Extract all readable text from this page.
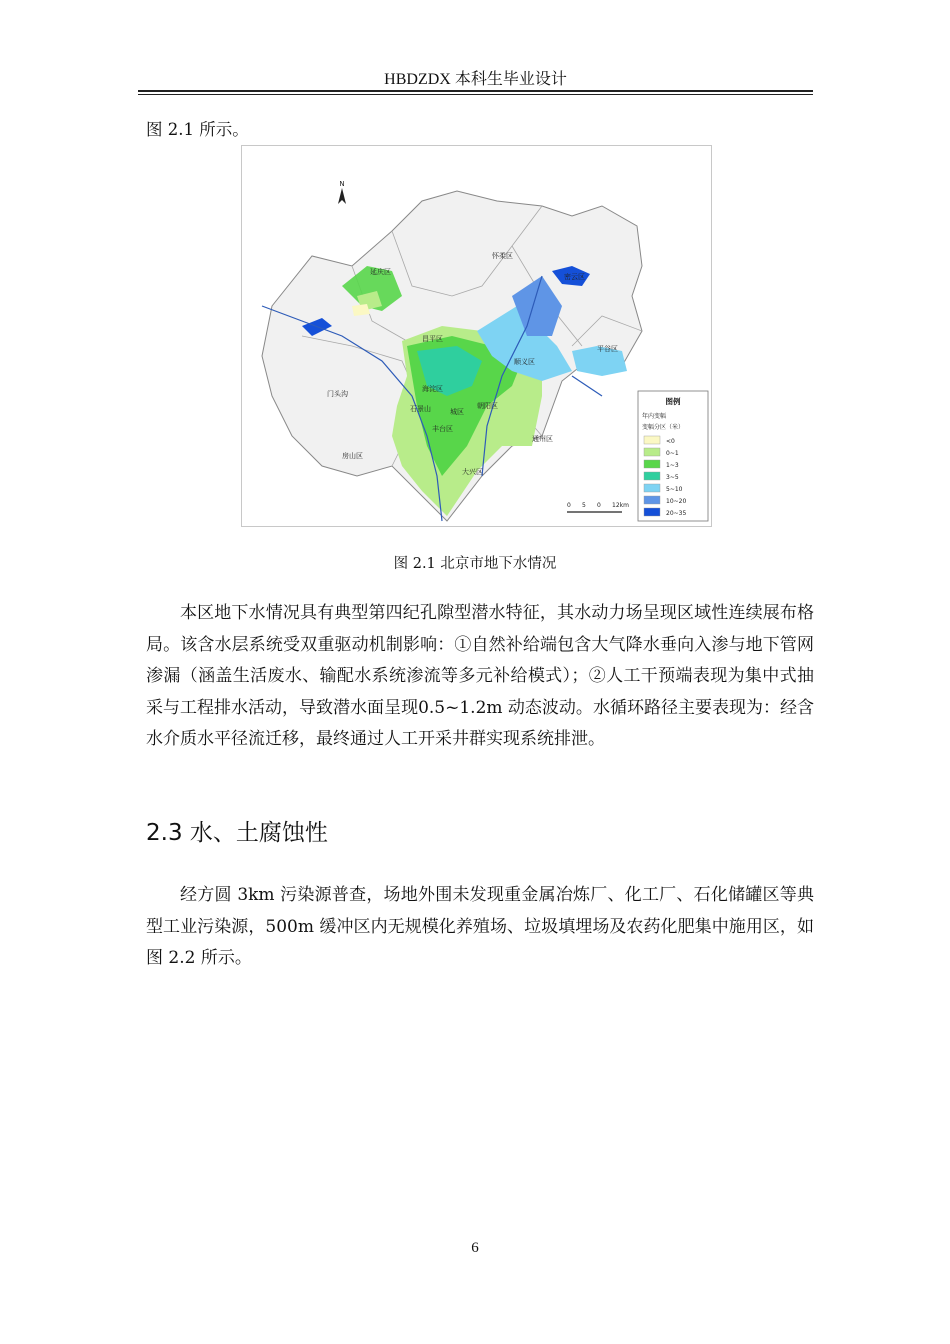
HBDZDX 本科生毕业设计
图 2.1 所示。
N
延庆区
怀柔区
密云区
昌平区
平谷区
顺义区
海淀区
门头沟
石景山	城区
朝阳区
丰台区
通州区
房山区
大兴区
图例
年内变幅
变幅分区（米）
<0
0~1
1~3
3~5
5~10
10~20
20~35
0 5 0 12km
图 2.1 北京市地下水情况

本区地下水情况具有典型第四纪孔隙型潜水特征，其水动力场呈现区域性连续展布格局。该含水层系统受双重驱动机制影响：①自然补给端包含大气降水垂向入渗与地下管网渗漏（涵盖生活废水、输配水系统渗流等多元补给模式）；②人工干预端表现为集中式抽采与工程排水活动，导致潜水面呈现0.5~1.2m 动态波动。水循环路径主要表现为：经含水介质水平径流迁移，最终通过人工开采井群实现系统排泄。

2.3 水、土腐蚀性

经方圆 3km 污染源普查，场地外围未发现重金属冶炼厂、化工厂、石化储罐区等典型工业污染源，500m 缓冲区内无规模化养殖场、垃圾填埋场及农药化肥集中施用区，如图 2.2 所示。

6
